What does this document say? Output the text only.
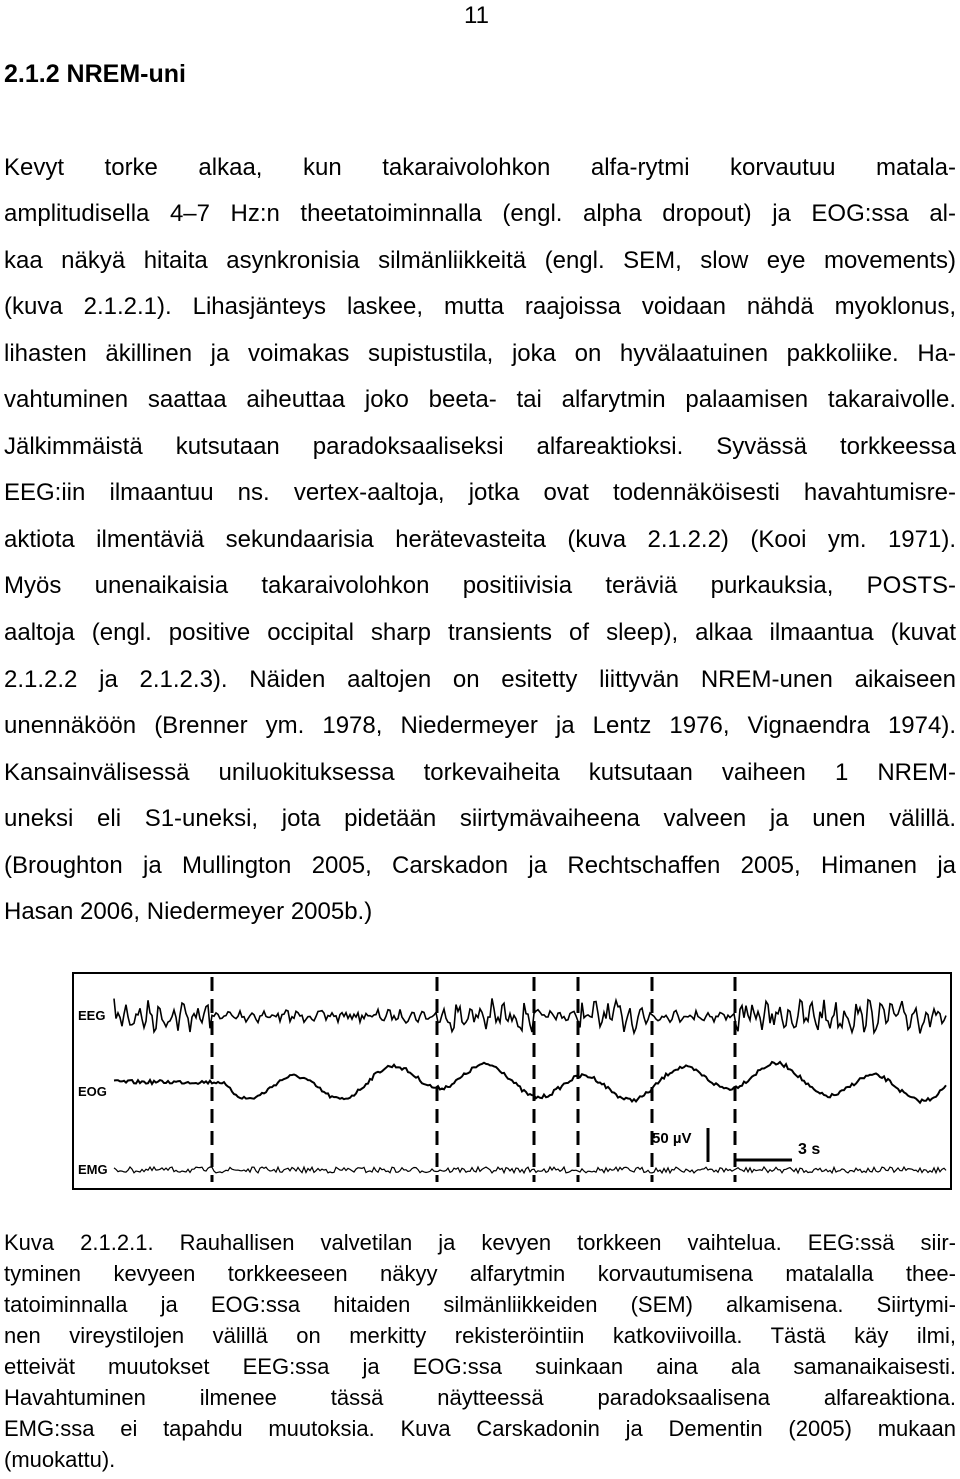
11
2.1.2 NREM-uni
Kevyt torke alkaa, kun takaraivolohkon alfa-rytmi korvautuu matala-
amplitudisella 4–7 Hz:n theetatoiminnalla (engl. alpha dropout) ja EOG:ssa al-
kaa näkyä hitaita asynkronisia silmänliikkeitä (engl. SEM, slow eye movements)
(kuva 2.1.2.1). Lihasjänteys laskee, mutta raajoissa voidaan nähdä myoklonus,
lihasten äkillinen ja voimakas supistustila, joka on hyvälaatuinen pakkoliike. Ha-
vahtuminen saattaa aiheuttaa joko beeta- tai alfarytmin palaamisen takaraivolle.
Jälkimmäistä kutsutaan paradoksaaliseksi alfareaktioksi. Syvässä torkkeessa
EEG:iin ilmaantuu ns. vertex-aaltoja, jotka ovat todennäköisesti havahtumisre-
aktiota ilmentäviä sekundaarisia herätevasteita (kuva 2.1.2.2) (Kooi ym. 1971).
Myös unenaikaisia takaraivolohkon positiivisia teräviä purkauksia, POSTS-
aaltoja (engl. positive occipital sharp transients of sleep), alkaa ilmaantua (kuvat
2.1.2.2 ja 2.1.2.3). Näiden aaltojen on esitetty liittyvän NREM-unen aikaiseen
unennäköön (Brenner ym. 1978, Niedermeyer ja Lentz 1976, Vignaendra 1974).
Kansainvälisessä uniluokituksessa torkevaiheita kutsutaan vaiheen 1 NREM-
uneksi eli S1-uneksi, jota pidetään siirtymävaiheena valveen ja unen välillä.
(Broughton ja Mullington 2005, Carskadon ja Rechtschaffen 2005, Himanen ja
Hasan 2006, Niedermeyer 2005b.)
EEG
EOG
EMG
50 µV
3 s
Kuva 2.1.2.1. Rauhallisen valvetilan ja kevyen torkkeen vaihtelua. EEG:ssä siir-
tyminen kevyeen torkkeeseen näkyy alfarytmin korvautumisena matalalla thee-
tatoiminnalla ja EOG:ssa hitaiden silmänliikkeiden (SEM) alkamisena. Siirtymi-
nen vireystilojen välillä on merkitty rekisteröintiin katkoviivoilla. Tästä käy ilmi,
etteivät muutokset EEG:ssa ja EOG:ssa suinkaan aina ala samanaikaisesti.
Havahtuminen ilmenee tässä näytteessä paradoksaalisena alfareaktiona.
EMG:ssa ei tapahdu muutoksia. Kuva Carskadonin ja Dementin (2005) mukaan
(muokattu).
